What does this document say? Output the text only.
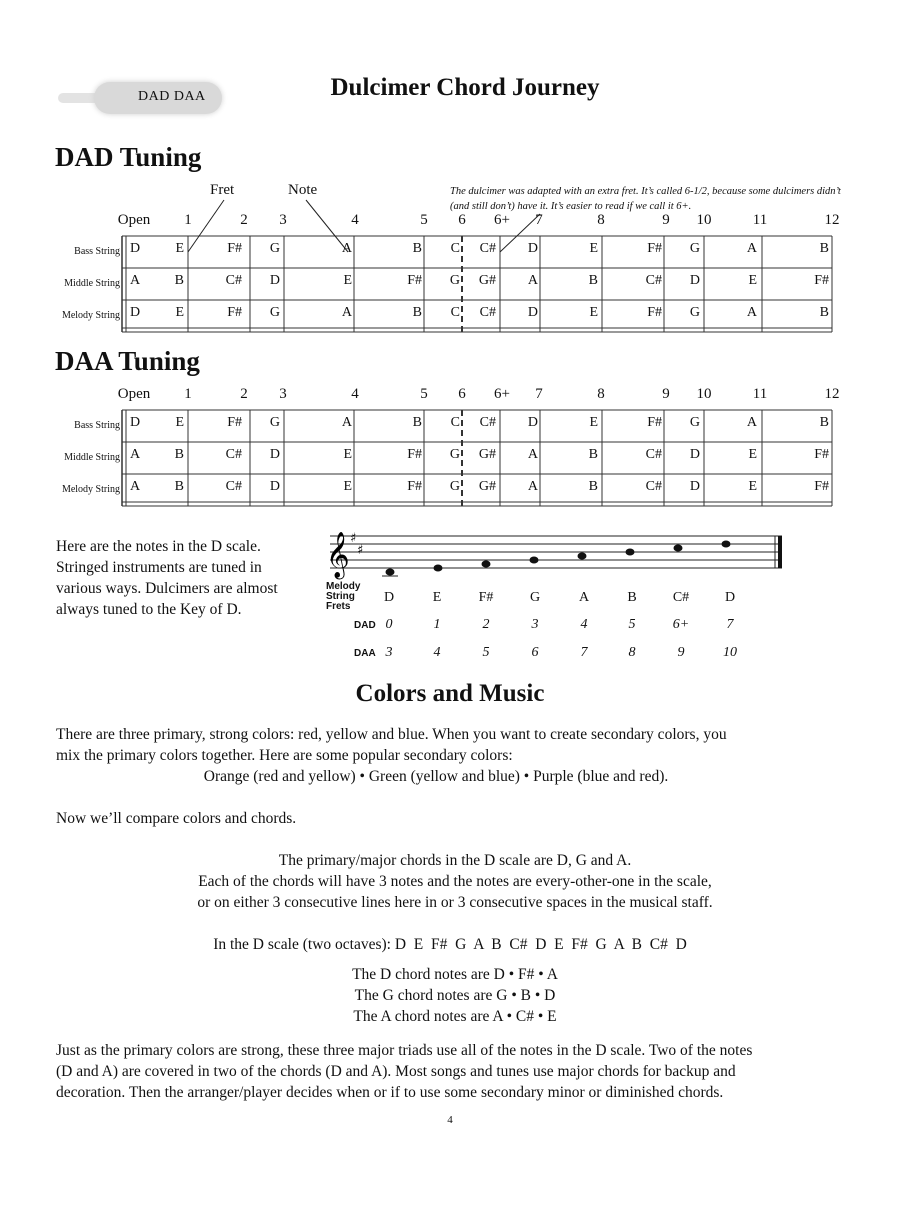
DAD DAA	Dulcimer Chord Journey
DAD Tuning
Fret	Note	The dulcimer was adapted with an extra fret. It’s called 6-1/2, because some dulcimers didn’t (and still don’t) have it. It’s easier to read if we call it 6+.
Open 1	2 3	4	5 6 6+ 7	8	9 10	11	12
Bass String D	E	F#	G	A	B	C	C#	D	E	F#	G	A	B
Middle String A	B	C#	D	E	F#	G	G#	A	B	C#	D	E	F#
Melody String D	E	F#	G	A	B	C	C#	D	E	F#	G	A	B
DAA Tuning
Open 1	2 3	4	5 6 6+ 7	8	9 10	11	12
Bass String D	E	F#	G	A	B	C	C#	D	E	F#	G	A	B
Middle String A	B	C#	D	E	F#	G	G#	A	B	C#	D	E	F#
Melody String A	B	C#	D	E	F#	G	G#	A	B	C#	D	E	F#
Here are the notes in the D scale.
Stringed instruments are tuned in
various ways. Dulcimers are almost
always tuned to the Key of D.
𝄞 ♯
♯
Melody
String
Frets
DAD
DAA
D	E	F#	G	A	B	C#	D
0	1	2	3	4	5	6+	7
3	4	5	6	7	8	9	10
Colors and Music
There are three primary, strong colors: red, yellow and blue. When you want to create secondary colors, you
mix the primary colors together. Here are some popular secondary colors:
Orange (red and yellow) • Green (yellow and blue) • Purple (blue and red).
Now we’ll compare colors and chords.
The primary/major chords in the D scale are D, G and A.
Each of the chords will have 3 notes and the notes are every-other-one in the scale,
or on either 3 consecutive lines here in or 3 consecutive spaces in the musical staff.
In the D scale (two octaves): D  E  F#  G  A  B  C#  D  E  F#  G  A  B  C#  D
The D chord notes are D • F# • A
The G chord notes are G • B • D
The A chord notes are A • C# • E
Just as the primary colors are strong, these three major triads use all of the notes in the D scale. Two of the notes
(D and A) are covered in two of the chords (D and A). Most songs and tunes use major chords for backup and
decoration. Then the arranger/player decides when or if to use some secondary minor or diminished chords.
4
